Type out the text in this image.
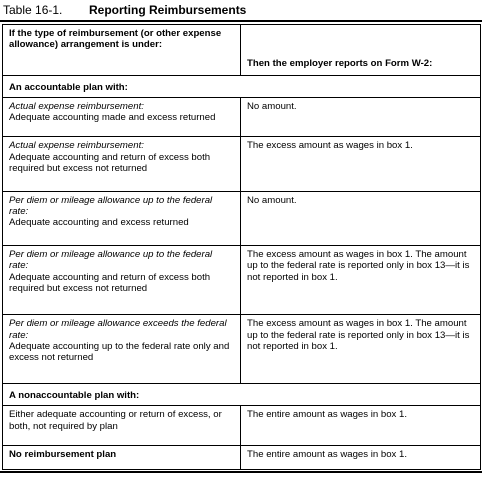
Table 16-1. Reporting Reimbursements
If the type of reimbursement (or other expense allowance) arrangement is under:	Then the employer reports on Form W-2:
An accountable plan with:	

Actual expense reimbursement:
Adequate accounting made and excess returned	No amount.

Actual expense reimbursement:
Adequate accounting and return of excess both required but excess not returned	The excess amount as wages in box 1.

Per diem or mileage allowance up to the federal rate:
Adequate accounting and excess returned	No amount.

Per diem or mileage allowance up to the federal rate:
Adequate accounting and return of excess both required but excess not returned	The excess amount as wages in box 1. The amount up to the federal rate is reported only in box 13—it is not reported in box 1.

Per diem or mileage allowance exceeds the federal rate:
Adequate accounting up to the federal rate only and excess not returned	The excess amount as wages in box 1. The amount up to the federal rate is reported only in box 13—it is not reported in box 1.
A nonaccountable plan with:	
Either adequate accounting or return of excess, or both, not required by plan	The entire amount as wages in box 1.
No reimbursement plan	The entire amount as wages in box 1.
